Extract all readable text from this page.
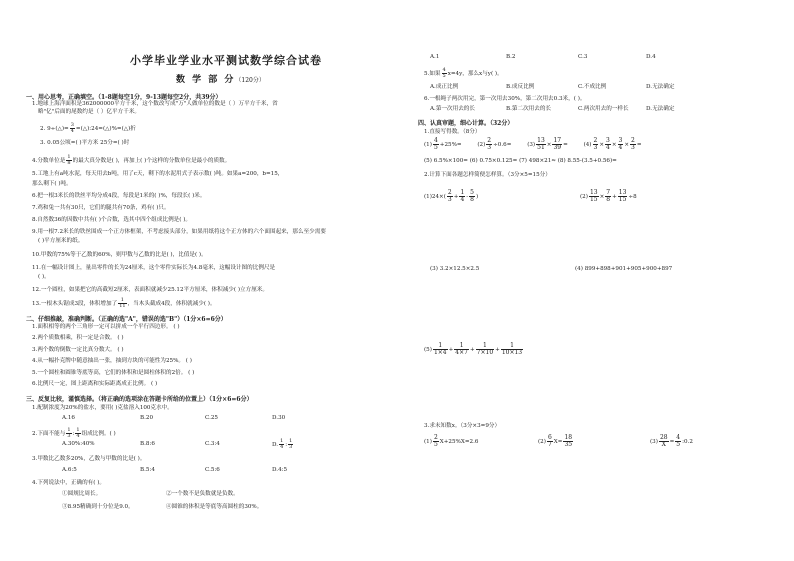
小学毕业学业水平测试数学综合试卷
数 学 部 分（120分）
一、用心思考，正确填空。（1-8题每空1分，9-13题每空2分，共39分）
1.地球上海洋面积是362000000平方千米，这个数改写成"万"人做单位的数是（ ）万平方千米，省
略"亿"后面的尾数约是（ ）亿平方千米。
2. 9÷(△)= $\frac{3}{4}$ =(△):24=(△)%=(△)折
3. 0.05公顷=( )平方米 25分=( )时
4.分数单位是 $\frac{1}{8}$ 的最大真分数是( )，再加上( )个这样的分数单位是最小的质数。
5.工地上有a吨水泥，每天用去b吨，用了c天，剩下的水泥用式子表示数( )吨。如果a=200，b=15，
那么剩下( )吨。
6.把一根3米长的铁丝平均分成4段，每段是1米的( )%，每段长( )米。
7.鸡和兔一共有30只，它们的腿共有70条，鸡有( )只。
8.自然数36的因数中共有( )个合数，选其中四个组成比例是( )。
9.用一根7.2米长的铁丝围成一个正方体框架，不考虑接头部分，如果用纸将这个正方体的六个面围起来，那么至少需要
( )平方厘米的纸。
10.甲数的75%等于乙数的60%，则甲数与乙数的比是( )，比值是( )。
11.在一幅设计图上，量出零件的长为24厘米，这个零件实际长为4.8毫米，这幅设计图的比例尺是
( )。
12.一个圆柱，如果把它的高截短2厘米，表面积就减少25.12平方厘米，体积减少( )立方厘米。
13.一根木头锯成3段，体积增加了 $\frac{1}{11}$ ，当木头截成4段，体积就减少( )。
二、仔细推敲，准确判断。（正确的选"A"，错误的选"B"）（1分×6=6分）
1.面积相等的两个三角形一定可以拼成一个平行四边形。 ( )
2.两个质数相乘，积一定是合数。 ( )
3.两个数的倒数一定比真分数大。 ( )
4.从一幅扑克牌中随意抽出一张，抽到方块的可能性为25%。 ( )
5.一个圆柱和圆锥等底等高，它们的体积和是圆柱体积的2倍。 ( )
6.比例尺一定，图上距离和实际距离成正比例。 ( )
三、反复比较，谨慎选择。（将正确的选项涂在答题卡所给的位置上）（1分×6=6分）
1.配制浓度为20%的盐水，要用( )克盐溶入100克水中。
A.16	B.20	C.25	D.30
2.下面不能与 $\frac{1}{3}$ : $\frac{1}{4}$ 组成比例。( )
A.30%:40%	B.8:6	C.3:4	D. $\frac{1}{4}$ : $\frac{1}{3}$
3.甲数比乙数多20%，乙数与甲数的比是( )。
A.6:5	B.5:4	C.5:6	D.4:5
4.下列说法中，正确的有( )。
①圆规比周长。	②一个数不是负数就是负数。
③8.95精确到十分位是9.0。	④圆锥的体积是等底等高圆柱的30%。
A.1	B.2	C.3	D.4
5.如果 $\frac{4}{5} x=4y$，那么x与y( )。
A.成正比例	B.成反比例	C.不成比例	D.无法确定
6.一根绳子两次用完，第一次用去30%，第二次用去0.3米，( )。
A.第一次用去的长	B.第二次用去的长	C.两次用去的一样长	D.无法确定
四、认真审题，细心计算。（32分）
1.直接写得数。（8分）
$(1) \frac{4}{5} +25\%=$	$(2) \frac{2}{3} \div 0.6=$	$(3) \frac{13}{51} \times \frac{17}{39}$ =	$(4) \frac{2}{3} \times \frac{3}{4} \times \frac{3}{4} \times \frac{2}{3}$ =
(5) 6.5%×100= (6) 0.75×0.125= (7) 498×21≈ (8) 8.55-(3.5+0.56)=
2.计算下面各题怎样简便怎样算。（3分×5=15分）
$(1)24\times( \frac{2}{3} + \frac{1}{4} - \frac{5}{8}$ )	$(2) \frac{13}{15} \times \frac{7}{8} + \frac{13}{15} \div 8$
(3) 3.2×12.5×2.5	(4) 899+898+901+905+900+897
$(5) \frac{1}{1\times 4} + \frac{1}{4\times 7} + \frac{1}{7\times 10} + \frac{1}{10\times 13}$
3.求未知数x。（3分×3=9分）
$(1) \frac{2}{5} X+25\%X=2.6$	$(2) \frac{6}{7} X= \frac{18}{35}$	$(3) \frac{28}{X} = \frac{4}{5}$ :0.2
